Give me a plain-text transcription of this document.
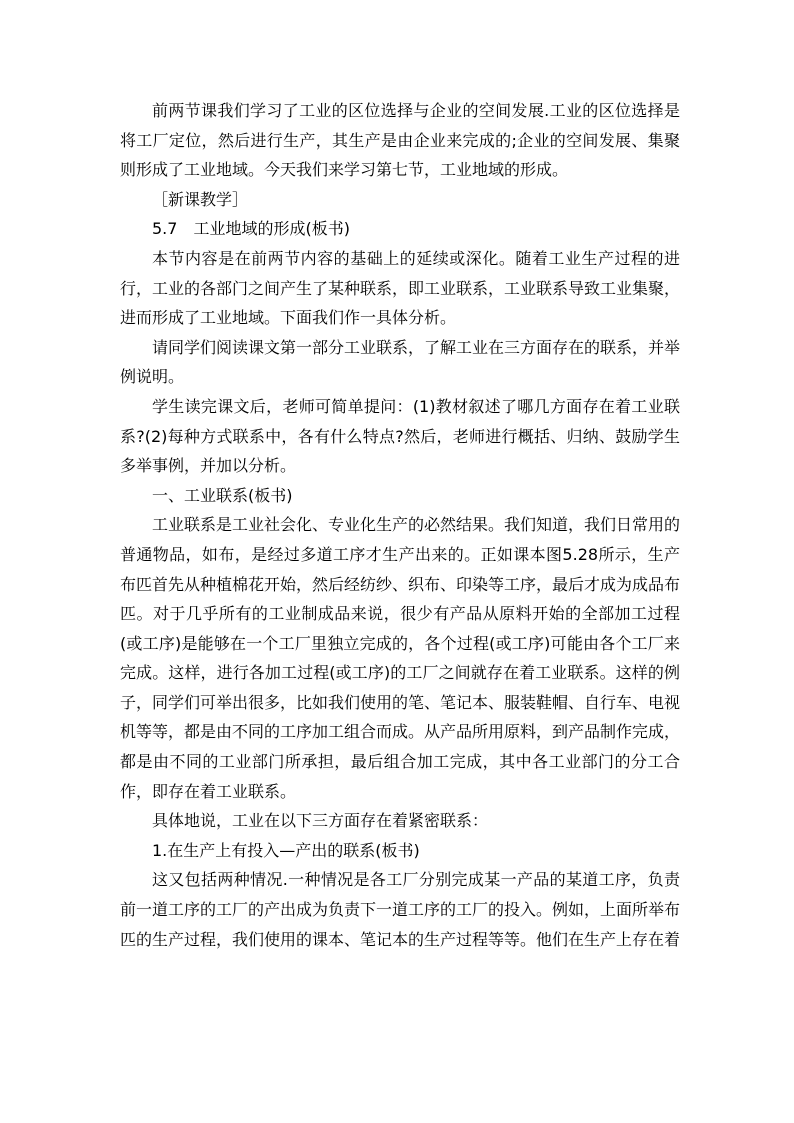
前两节课我们学习了工业的区位选择与企业的空间发展.工业的区位选择是将工厂定位，然后进行生产，其生产是由企业来完成的;企业的空间发展、集聚则形成了工业地域。今天我们来学习第七节，工业地域的形成。

［新课教学］

5.7　工业地域的形成(板书)

本节内容是在前两节内容的基础上的延续或深化。随着工业生产过程的进行，工业的各部门之间产生了某种联系，即工业联系，工业联系导致工业集聚，进而形成了工业地域。下面我们作一具体分析。

请同学们阅读课文第一部分工业联系，了解工业在三方面存在的联系，并举例说明。

学生读完课文后，老师可简单提问：(1)教材叙述了哪几方面存在着工业联系?(2)每种方式联系中，各有什么特点?然后，老师进行概括、归纳、鼓励学生多举事例，并加以分析。

一、工业联系(板书)

工业联系是工业社会化、专业化生产的必然结果。我们知道，我们日常用的普通物品，如布，是经过多道工序才生产出来的。正如课本图5.28所示，生产布匹首先从种植棉花开始，然后经纺纱、织布、印染等工序，最后才成为成品布匹。对于几乎所有的工业制成品来说，很少有产品从原料开始的全部加工过程(或工序)是能够在一个工厂里独立完成的，各个过程(或工序)可能由各个工厂来完成。这样，进行各加工过程(或工序)的工厂之间就存在着工业联系。这样的例子，同学们可举出很多，比如我们使用的笔、笔记本、服装鞋帽、自行车、电视机等等，都是由不同的工序加工组合而成。从产品所用原料，到产品制作完成，都是由不同的工业部门所承担，最后组合加工完成，其中各工业部门的分工合作，即存在着工业联系。

具体地说，工业在以下三方面存在着紧密联系：

1.在生产上有投入—产出的联系(板书)

这又包括两种情况.一种情况是各工厂分别完成某一产品的某道工序，负责前一道工序的工厂的产出成为负责下一道工序的工厂的投入。例如，上面所举布匹的生产过程，我们使用的课本、笔记本的生产过程等等。他们在生产上存在着
